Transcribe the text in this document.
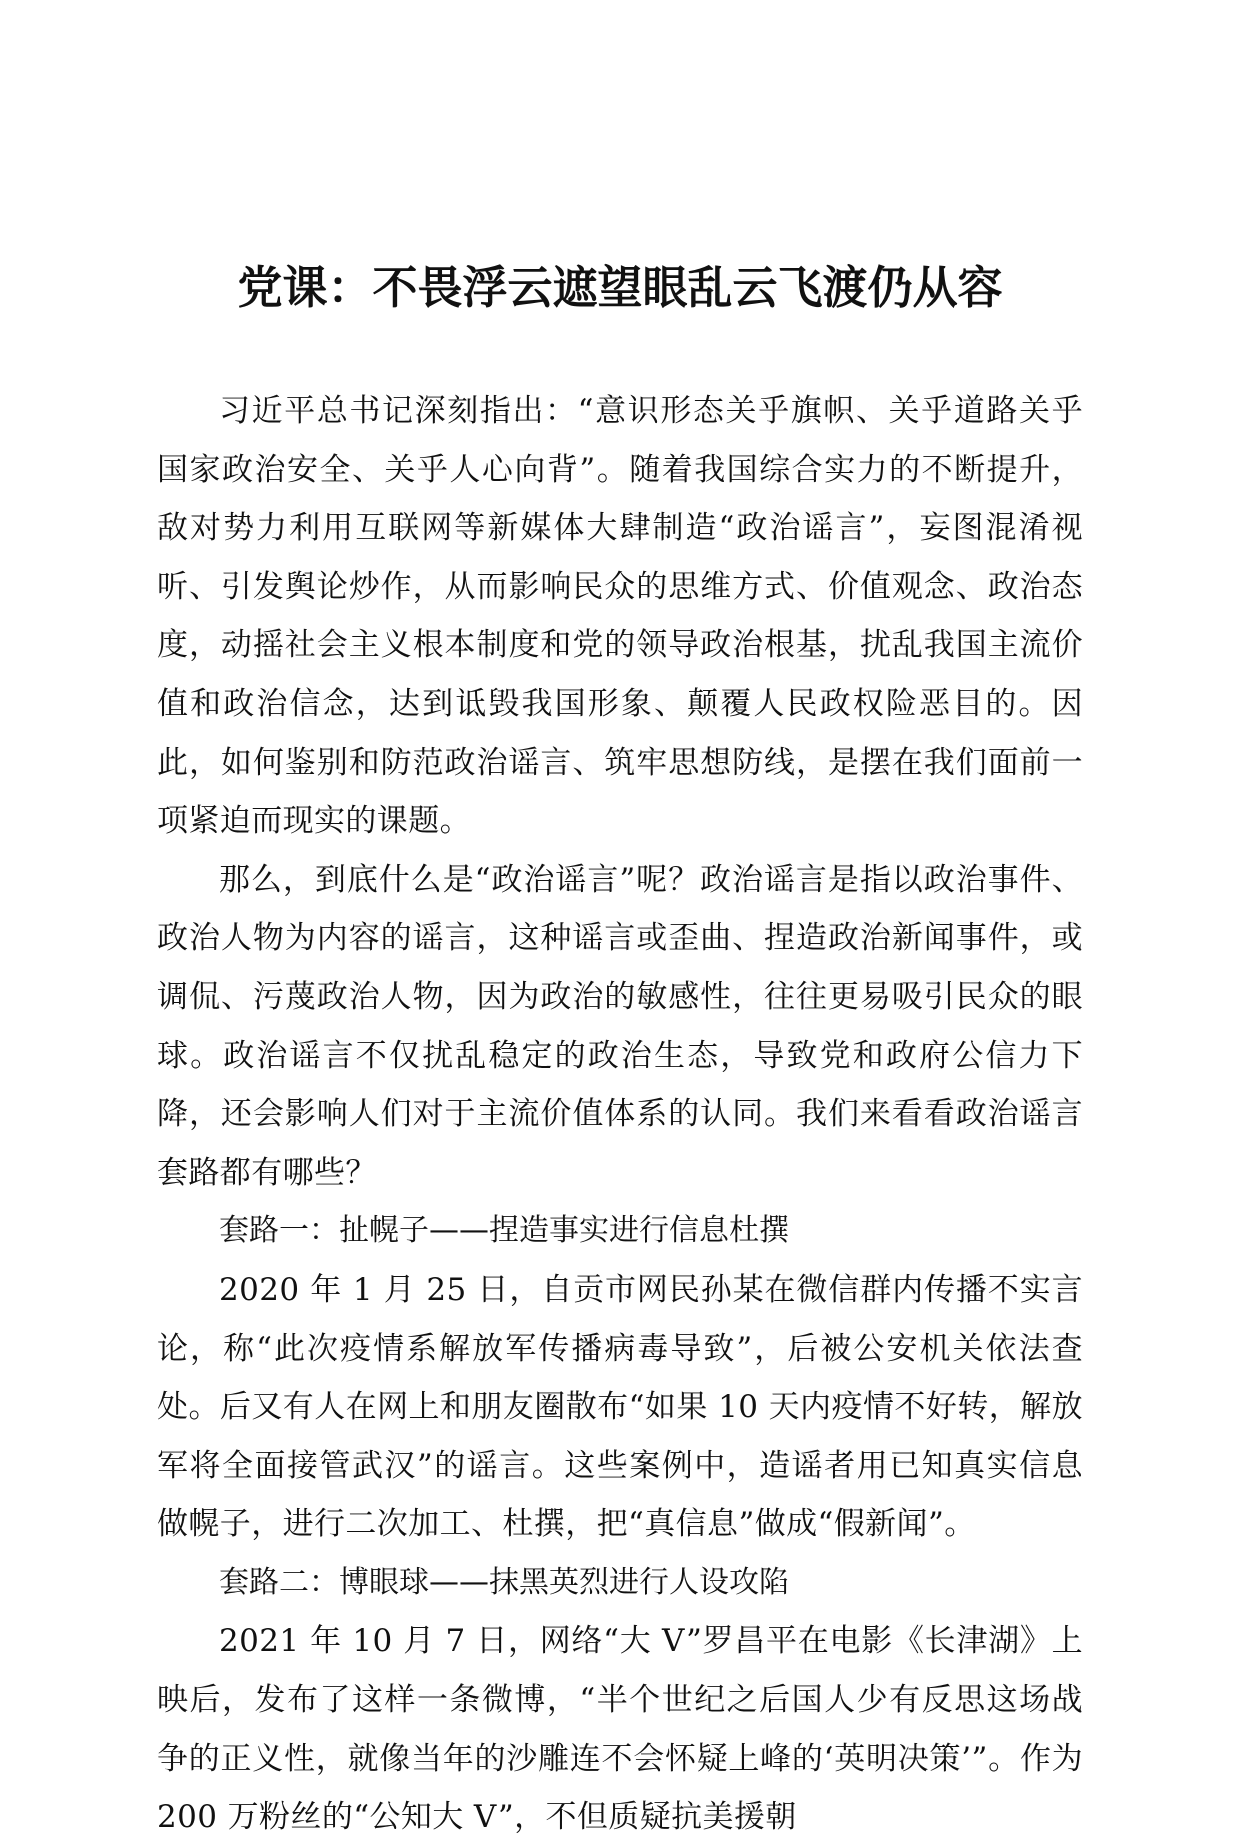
党课：不畏浮云遮望眼乱云飞渡仍从容

习近平总书记深刻指出：“意识形态关乎旗帜、关乎道路关乎国家政治安全、关乎人心向背”。随着我国综合实力的不断提升，敌对势力利用互联网等新媒体大肆制造“政治谣言”，妄图混淆视听、引发舆论炒作，从而影响民众的思维方式、价值观念、政治态度，动摇社会主义根本制度和党的领导政治根基，扰乱我国主流价值和政治信念，达到诋毁我国形象、颠覆人民政权险恶目的。因此，如何鉴别和防范政治谣言、筑牢思想防线，是摆在我们面前一项紧迫而现实的课题。

那么，到底什么是“政治谣言”呢？政治谣言是指以政治事件、政治人物为内容的谣言，这种谣言或歪曲、捏造政治新闻事件，或调侃、污蔑政治人物，因为政治的敏感性，往往更易吸引民众的眼球。政治谣言不仅扰乱稳定的政治生态，导致党和政府公信力下降，还会影响人们对于主流价值体系的认同。我们来看看政治谣言套路都有哪些？

套路一：扯幌子——捏造事实进行信息杜撰

2020 年 1 月 25 日，自贡市网民孙某在微信群内传播不实言论，称“此次疫情系解放军传播病毒导致”，后被公安机关依法查处。后又有人在网上和朋友圈散布“如果 10 天内疫情不好转，解放军将全面接管武汉”的谣言。这些案例中，造谣者用已知真实信息做幌子，进行二次加工、杜撰，把“真信息”做成“假新闻”。

套路二：博眼球——抹黑英烈进行人设攻陷

2021 年 10 月 7 日，网络“大 V”罗昌平在电影《长津湖》上映后，发布了这样一条微博，“半个世纪之后国人少有反思这场战争的正义性，就像当年的沙雕连不会怀疑上峰的‘英明决策’”。作为 200 万粉丝的“公知大 V”，不但质疑抗美援朝
